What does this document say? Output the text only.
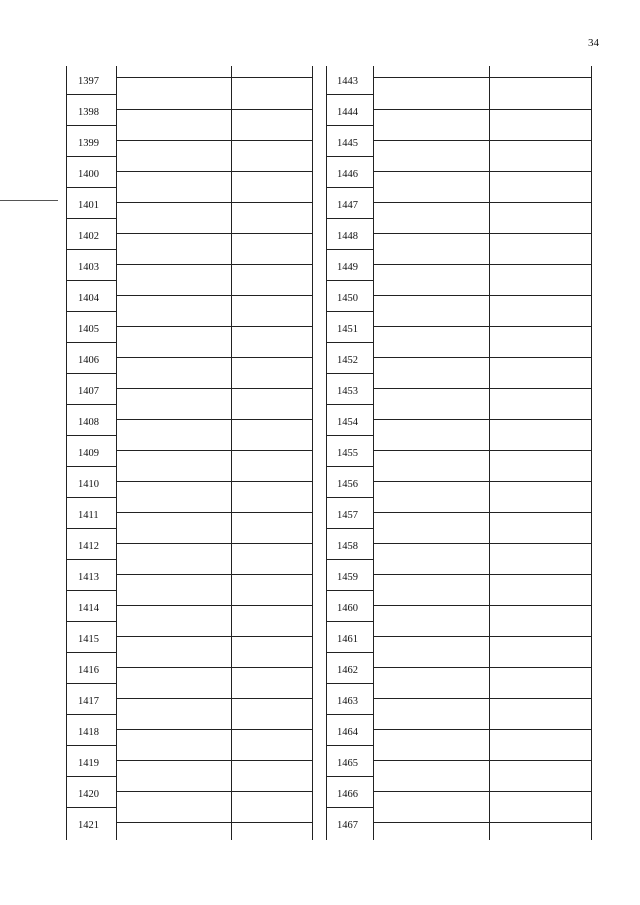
34
1397
1398
1399
1400
1401
1402
1403
1404
1405
1406
1407
1408
1409
1410
1411
1412
1413
1414
1415
1416
1417
1418
1419
1420
1421
1443
1444
1445
1446
1447
1448
1449
1450
1451
1452
1453
1454
1455
1456
1457
1458
1459
1460
1461
1462
1463
1464
1465
1466
1467
